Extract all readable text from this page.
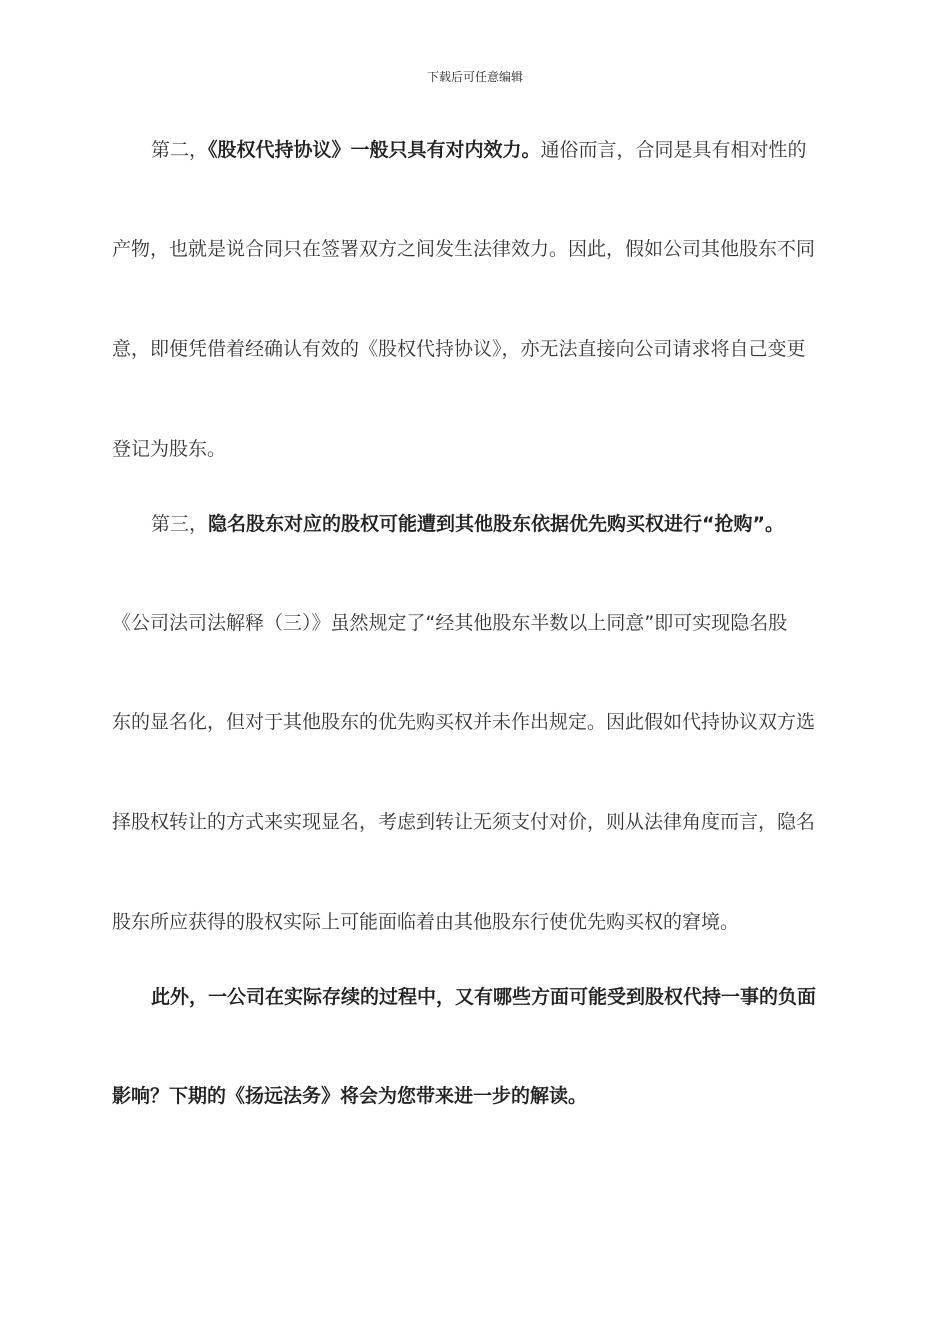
下载后可任意编辑
第二，《股权代持协议》一般只具有对内效力。通俗而言，合同是具有相对性的
产物，也就是说合同只在签署双方之间发生法律效力。因此，假如公司其他股东不同
意，即便凭借着经确认有效的《股权代持协议》，亦无法直接向公司请求将自己变更
登记为股东。
第三，隐名股东对应的股权可能遭到其他股东依据优先购买权进行“抢购”。
《公司法司法解释（三）》虽然规定了“经其他股东半数以上同意”即可实现隐名股
东的显名化，但对于其他股东的优先购买权并未作出规定。因此假如代持协议双方选
择股权转让的方式来实现显名，考虑到转让无须支付对价，则从法律角度而言，隐名
股东所应获得的股权实际上可能面临着由其他股东行使优先购买权的窘境。
此外，一公司在实际存续的过程中，又有哪些方面可能受到股权代持一事的负面
影响？下期的《扬远法务》将会为您带来进一步的解读。
